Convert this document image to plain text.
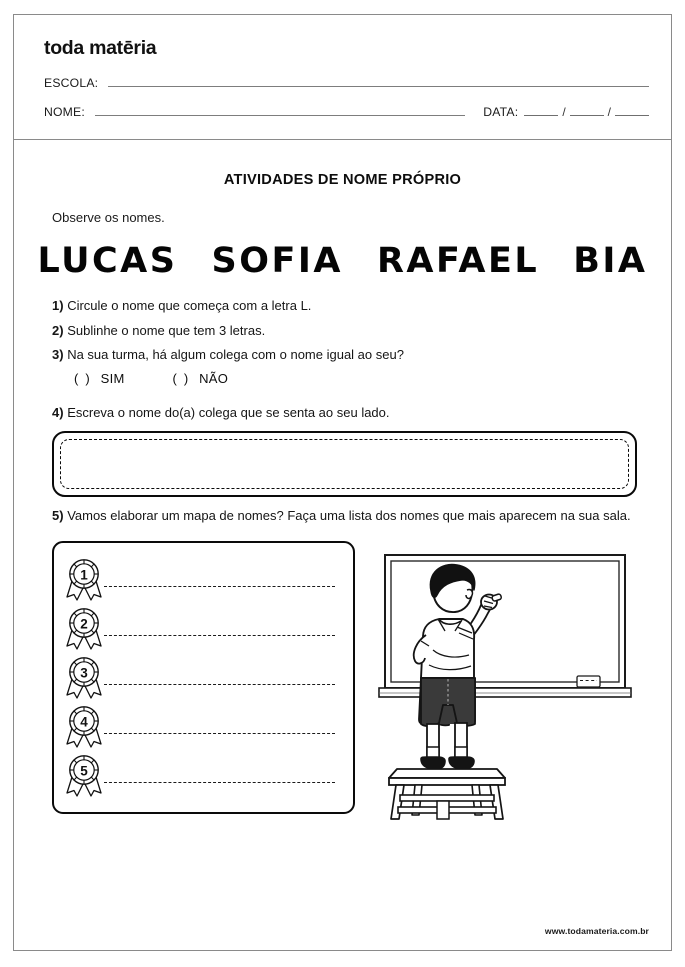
toda matēria
ESCOLA:
NOME:	DATA:	/	/
ATIVIDADES DE NOME PRÓPRIO
Observe os nomes.
LUCAS SOFIA RAFAEL BIA
1) Circule o nome que começa com a letra L.
2) Sublinhe o nome que tem 3 letras.
3) Na sua turma, há algum colega com o nome igual ao seu?
() SIM	() NÃO
4) Escreva o nome do(a) colega que se senta ao seu lado.
5) Vamos elaborar um mapa de nomes? Faça uma lista dos nomes que mais aparecem na sua sala.
1
2
3
4
5
www.todamateria.com.br
